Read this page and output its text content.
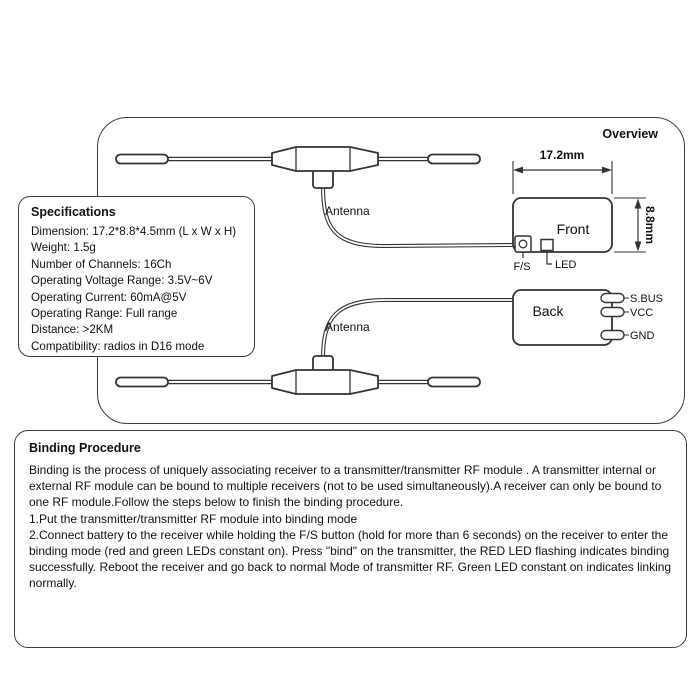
Overview
Antenna
Antenna
Front
F/S LED
17.2mm
8.8mm
Back
S.BUS
VCC
GND
Specifications
Dimension: 17.2*8.8*4.5mm (L x W x H)
Weight: 1.5g
Number of Channels: 16Ch
Operating Voltage Range: 3.5V~6V
Operating Current: 60mA@5V
Operating Range: Full range
Distance: >2KM
Compatibility: radios in D16 mode
Binding Procedure

Binding is the process of uniquely associating receiver to a transmitter/transmitter RF module . A transmitter internal or external RF module can be bound to multiple receivers (not to be used simultaneously).A receiver can only be bound to one RF module.Follow the steps below to finish the binding procedure.

1.Put the transmitter/transmitter RF module into binding mode

2.Connect battery to the receiver while holding the F/S button (hold for more than 6 seconds) on the receiver to enter the binding mode (red and green LEDs constant on). Press "bind" on the transmitter, the RED LED flashing indicates binding successfully. Reboot the receiver and go back to normal Mode of transmitter RF. Green LED constant on indicates linking normally.
